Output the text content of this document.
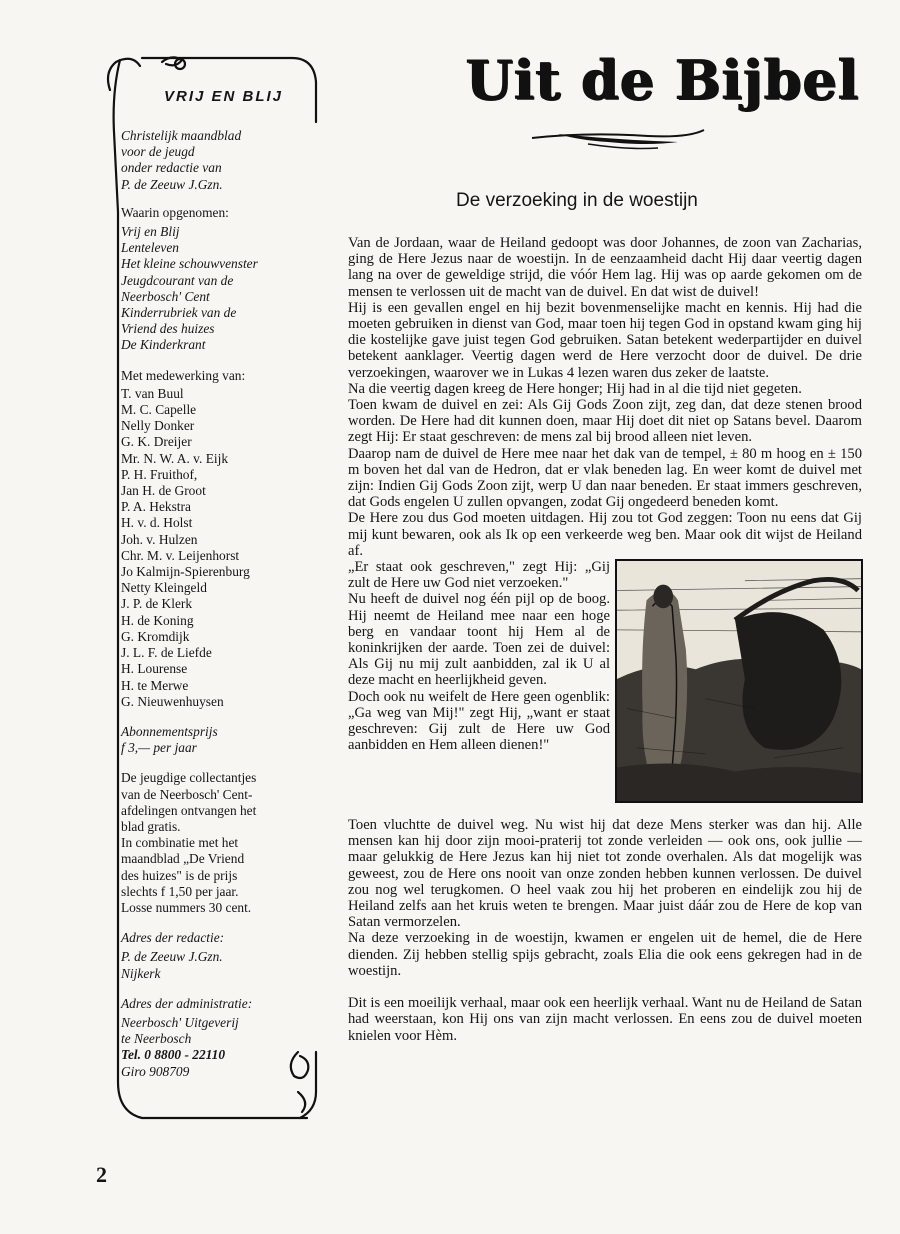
VRIJ EN BLIJ
Christelijk maandblad
voor de jeugd
onder redactie van
P. de Zeeuw J.Gzn.
Waarin opgenomen:
Vrij en Blij
Lenteleven
Het kleine schouwvenster
Jeugdcourant van de
Neerbosch' Cent
Kinderrubriek van de
Vriend des huizes
De Kinderkrant
Met medewerking van:
T. van Buul
M. C. Capelle
Nelly Donker
G. K. Dreijer
Mr. N. W. A. v. Eijk
P. H. Fruithof,
Jan H. de Groot
P. A. Hekstra
H. v. d. Holst
Joh. v. Hulzen
Chr. M. v. Leijenhorst
Jo Kalmijn-Spierenburg
Netty Kleingeld
J. P. de Klerk
H. de Koning
G. Kromdijk
J. L. F. de Liefde
H. Lourense
H. te Merwe
G. Nieuwenhuysen
Abonnementsprijs
f 3,— per jaar
De jeugdige collectantjes
van de Neerbosch' Cent-
afdelingen ontvangen het
blad gratis.
In combinatie met het
maandblad „De Vriend
des huizes" is de prijs
slechts f 1,50 per jaar.
Losse nummers 30 cent.
Adres der redactie:
P. de Zeeuw J.Gzn.
Nijkerk
Adres der administratie:
Neerbosch' Uitgeverij
te Neerbosch
Tel. 0 8800 - 22110
Giro 908709
Uit de Bijbel
De verzoeking in de woestijn

Van de Jordaan, waar de Heiland gedoopt was door Johannes, de zoon van Zacharias, ging de Here Jezus naar de woestijn. In de eenzaamheid dacht Hij daar veertig dagen lang na over de geweldige strijd, die vóór Hem lag. Hij was op aarde gekomen om de mensen te verlossen uit de macht van de duivel. En dat wist de duivel!

Hij is een gevallen engel en hij bezit bovenmenselijke macht en kennis. Hij had die moeten gebruiken in dienst van God, maar toen hij tegen God in opstand kwam ging hij die kostelijke gave juist tegen God gebruiken. Satan betekent wederpartijder en duivel betekent aanklager. Veertig dagen werd de Here verzocht door de duivel. De drie verzoekingen, waarover we in Lukas 4 lezen waren dus zeker de laatste.

Na die veertig dagen kreeg de Here honger; Hij had in al die tijd niet gegeten.

Toen kwam de duivel en zei: Als Gij Gods Zoon zijt, zeg dan, dat deze stenen brood worden. De Here had dit kunnen doen, maar Hij doet dit niet op Satans bevel. Daarom zegt Hij: Er staat geschreven: de mens zal bij brood alleen niet leven.

Daarop nam de duivel de Here mee naar het dak van de tempel, ± 80 m hoog en ± 150 m boven het dal van de Hedron, dat er vlak beneden lag. En weer komt de duivel met zijn: Indien Gij Gods Zoon zijt, werp U dan naar beneden. Er staat immers geschreven, dat Gods engelen U zullen opvangen, zodat Gij ongedeerd beneden komt.

De Here zou dus God moeten uitdagen. Hij zou tot God zeggen: Toon nu eens dat Gij mij kunt bewaren, ook als Ik op een verkeerde weg ben. Maar ook dit wijst de Heiland af.

„Er staat ook geschreven," zegt Hij: „Gij zult de Here uw God niet verzoeken."

Nu heeft de duivel nog één pijl op de boog. Hij neemt de Heiland mee naar een hoge berg en vandaar toont hij Hem al de koninkrijken der aarde. Toen zei de duivel: Als Gij nu mij zult aanbidden, zal ik U al deze macht en heerlijkheid geven.

Doch ook nu weifelt de Here geen ogenblik: „Ga weg van Mij!" zegt Hij, „want er staat geschreven: Gij zult de Here uw God aanbidden en Hem alleen dienen!"

Toen vluchtte de duivel weg. Nu wist hij dat deze Mens sterker was dan hij. Alle mensen kan hij door zijn mooi-praterij tot zonde verleiden — ook ons, ook jullie — maar gelukkig de Here Jezus kan hij niet tot zonde overhalen. Als dat mogelijk was geweest, zou de Here ons nooit van onze zonden hebben kunnen verlossen. De duivel zou nog wel terugkomen. O heel vaak zou hij het proberen en eindelijk zou hij de Heiland zelfs aan het kruis weten te brengen. Maar juist dáár zou de Here de kop van Satan vermorzelen.

Na deze verzoeking in de woestijn, kwamen er engelen uit de hemel, die de Here dienden. Zij hebben stellig spijs gebracht, zoals Elia die ook eens gekregen had in de woestijn.

Dit is een moeilijk verhaal, maar ook een heerlijk verhaal. Want nu de Heiland de Satan had weerstaan, kon Hij ons van zijn macht verlossen. En eens zou de duivel moeten knielen voor Hèm.

2
